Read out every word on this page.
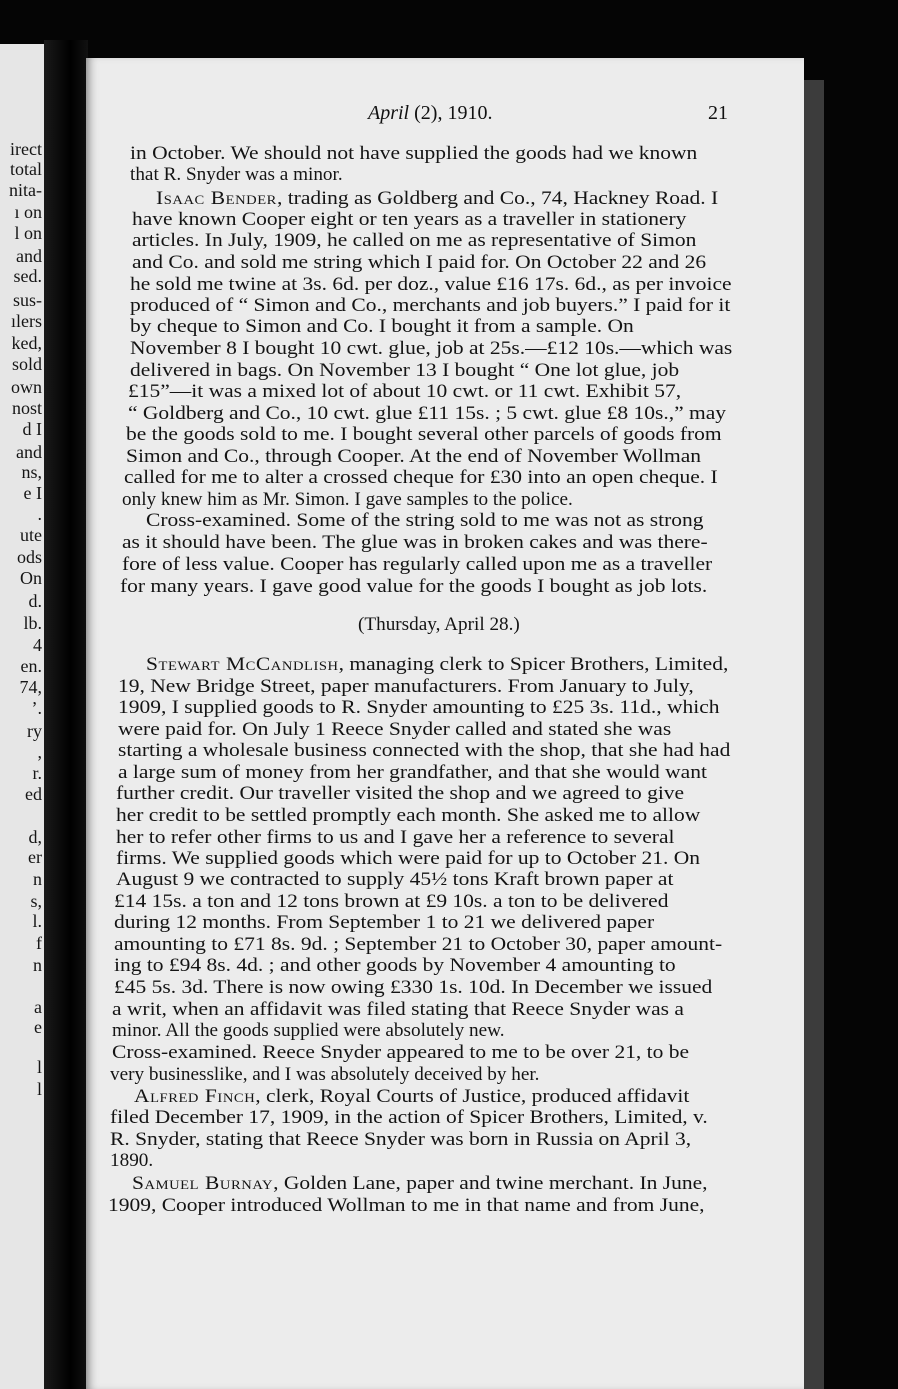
irect
total
nita-
ı on
l on
and
sed.
sus-
ılers
ked,
sold
own
nost
d I
and
ns,
e I
.
ute
ods
On
d.
lb.
4
en.
74,
’.
ry
,
r.
ed
d,
er
n
s,
l.
f
n
a
e
l
l
April (2), 1910.	21
in October. We should not have supplied the goods had we known
that R. Snyder was a minor.
Isaac Bender, trading as Goldberg and Co., 74, Hackney Road. I
have known Cooper eight or ten years as a traveller in stationery
articles. In July, 1909, he called on me as representative of Simon
and Co. and sold me string which I paid for. On October 22 and 26
he sold me twine at 3s. 6d. per doz., value £16 17s. 6d., as per invoice
produced of “ Simon and Co., merchants and job buyers.” I paid for it
by cheque to Simon and Co. I bought it from a sample. On
November 8 I bought 10 cwt. glue, job at 25s.—£12 10s.—which was
delivered in bags. On November 13 I bought “ One lot glue, job
£15”—it was a mixed lot of about 10 cwt. or 11 cwt. Exhibit 57,
“ Goldberg and Co., 10 cwt. glue £11 15s. ; 5 cwt. glue £8 10s.,” may
be the goods sold to me. I bought several other parcels of goods from
Simon and Co., through Cooper. At the end of November Wollman
called for me to alter a crossed cheque for £30 into an open cheque. I
only knew him as Mr. Simon. I gave samples to the police.
Cross-examined. Some of the string sold to me was not as strong
as it should have been. The glue was in broken cakes and was there-
fore of less value. Cooper has regularly called upon me as a traveller
for many years. I gave good value for the goods I bought as job lots.
(Thursday, April 28.)
Stewart McCandlish, managing clerk to Spicer Brothers, Limited,
19, New Bridge Street, paper manufacturers. From January to July,
1909, I supplied goods to R. Snyder amounting to £25 3s. 11d., which
were paid for. On July 1 Reece Snyder called and stated she was
starting a wholesale business connected with the shop, that she had had
a large sum of money from her grandfather, and that she would want
further credit. Our traveller visited the shop and we agreed to give
her credit to be settled promptly each month. She asked me to allow
her to refer other firms to us and I gave her a reference to several
firms. We supplied goods which were paid for up to October 21. On
August 9 we contracted to supply 45½ tons Kraft brown paper at
£14 15s. a ton and 12 tons brown at £9 10s. a ton to be delivered
during 12 months. From September 1 to 21 we delivered paper
amounting to £71 8s. 9d. ; September 21 to October 30, paper amount-
ing to £94 8s. 4d. ; and other goods by November 4 amounting to
£45 5s. 3d. There is now owing £330 1s. 10d. In December we issued
a writ, when an affidavit was filed stating that Reece Snyder was a
minor. All the goods supplied were absolutely new.
Cross-examined. Reece Snyder appeared to me to be over 21, to be
very businesslike, and I was absolutely deceived by her.
Alfred Finch, clerk, Royal Courts of Justice, produced affidavit
filed December 17, 1909, in the action of Spicer Brothers, Limited, v.
R. Snyder, stating that Reece Snyder was born in Russia on April 3,
1890.
Samuel Burnay, Golden Lane, paper and twine merchant. In June,
1909, Cooper introduced Wollman to me in that name and from June,
